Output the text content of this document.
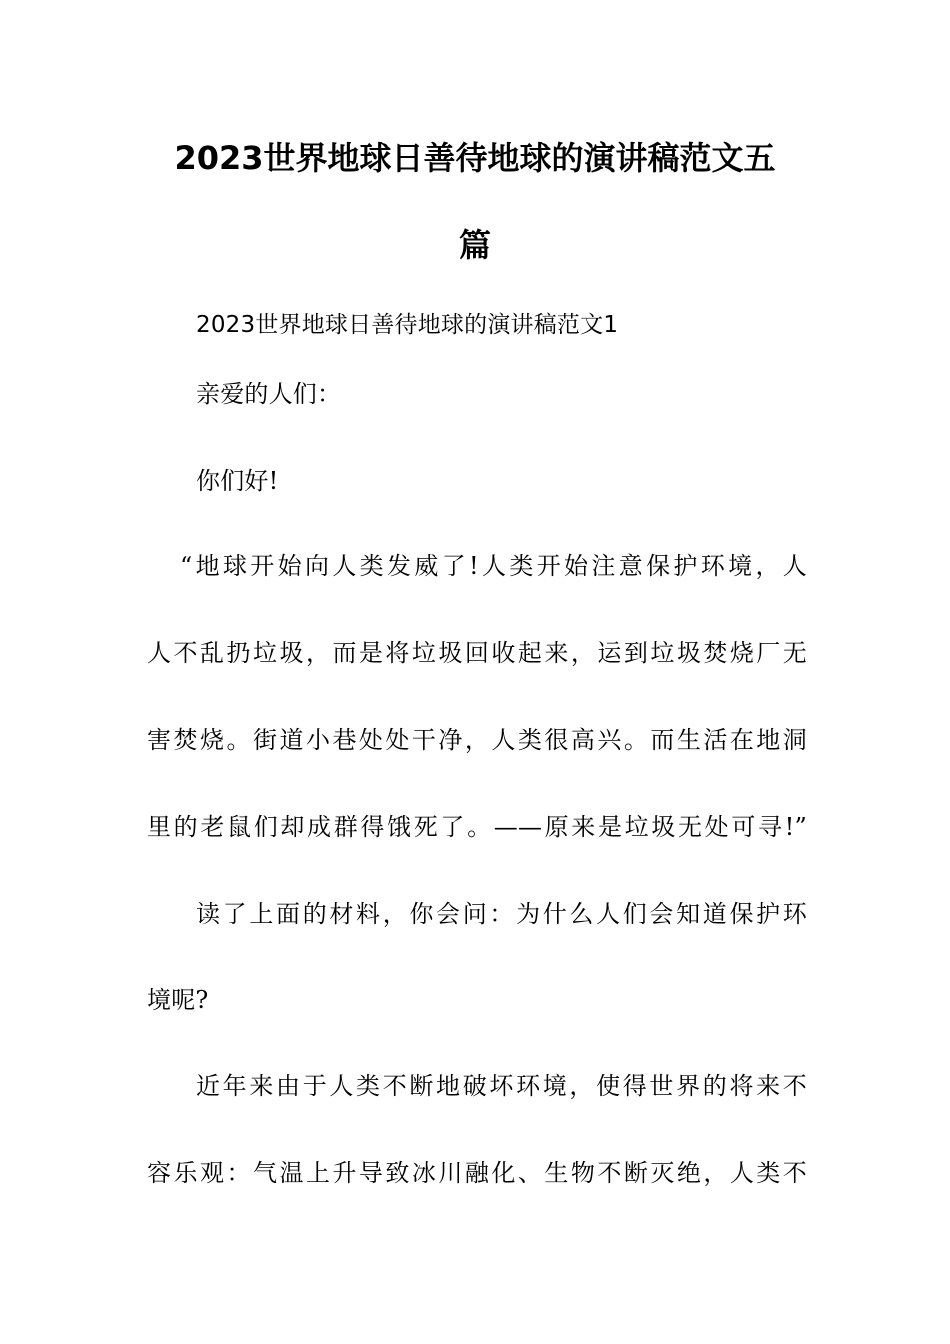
2023世界地球日善待地球的演讲稿范文五
篇
2023世界地球日善待地球的演讲稿范文1
亲爱的人们：
你们好!
“地球开始向人类发威了!人类开始注意保护环境，人
人不乱扔垃圾，而是将垃圾回收起来，运到垃圾焚烧厂无
害焚烧。街道小巷处处干净，人类很高兴。而生活在地洞
里的老鼠们却成群得饿死了。——原来是垃圾无处可寻!”
读了上面的材料，你会问：为什么人们会知道保护环
境呢?
近年来由于人类不断地破坏环境，使得世界的将来不
容乐观：气温上升导致冰川融化、生物不断灭绝，人类不
